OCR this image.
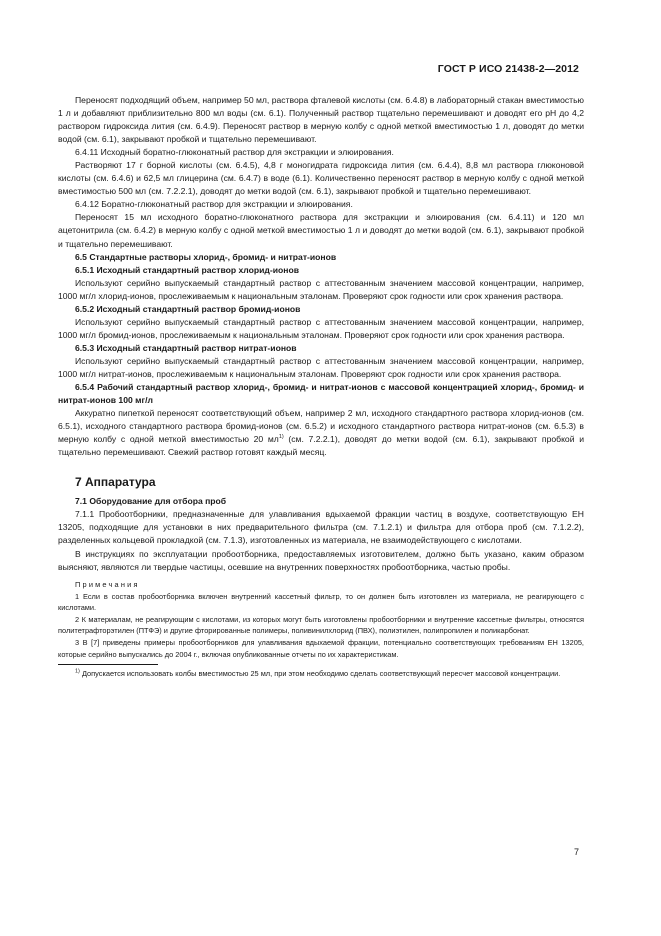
ГОСТ Р ИСО 21438-2—2012

Переносят подходящий объем, например 50 мл, раствора фталевой кислоты (см. 6.4.8) в лабораторный стакан вместимостью 1 л и добавляют приблизительно 800 мл воды (см. 6.1). Полученный раствор тщательно перемешивают и доводят его pH до 4,2 раствором гидроксида лития (см. 6.4.9). Переносят раствор в мерную колбу с одной меткой вместимостью 1 л, доводят до метки водой (см. 6.1), закрывают пробкой и тщательно перемешивают.

6.4.11 Исходный боратно-глюконатный раствор для экстракции и элюирования.

Растворяют 17 г борной кислоты (см. 6.4.5), 4,8 г моногидрата гидроксида лития (см. 6.4.4), 8,8 мл раствора глюконовой кислоты (см. 6.4.6) и 62,5 мл глицерина (см. 6.4.7) в воде (6.1). Количественно переносят раствор в мерную колбу с одной меткой вместимостью 500 мл (см. 7.2.2.1), доводят до метки водой (см. 6.1), закрывают пробкой и тщательно перемешивают.

6.4.12 Боратно-глюконатный раствор для экстракции и элюирования.

Переносят 15 мл исходного боратно-глюконатного раствора для экстракции и элюирования (см. 6.4.11) и 120 мл ацетонитрила (см. 6.4.2) в мерную колбу с одной меткой вместимостью 1 л и доводят до метки водой (см. 6.1), закрывают пробкой и тщательно перемешивают.

6.5 Стандартные растворы хлорид-, бромид- и нитрат-ионов

6.5.1 Исходный стандартный раствор хлорид-ионов

Используют серийно выпускаемый стандартный раствор с аттестованным значением массовой концентрации, например, 1000 мг/л хлорид-ионов, прослеживаемым к национальным эталонам. Проверяют срок годности или срок хранения раствора.

6.5.2 Исходный стандартный раствор бромид-ионов

Используют серийно выпускаемый стандартный раствор с аттестованным значением массовой концентрации, например, 1000 мг/л бромид-ионов, прослеживаемым к национальным эталонам. Проверяют срок годности или срок хранения раствора.

6.5.3 Исходный стандартный раствор нитрат-ионов

Используют серийно выпускаемый стандартный раствор с аттестованным значением массовой концентрации, например, 1000 мг/л нитрат-ионов, прослеживаемым к национальным эталонам. Проверяют срок годности или срок хранения раствора.

6.5.4 Рабочий стандартный раствор хлорид-, бромид- и нитрат-ионов с массовой концентрацией хлорид-, бромид- и нитрат-ионов 100 мг/л

Аккуратно пипеткой переносят соответствующий объем, например 2 мл, исходного стандартного раствора хлорид-ионов (см. 6.5.1), исходного стандартного раствора бромид-ионов (см. 6.5.2) и исходного стандартного раствора нитрат-ионов (см. 6.5.3) в мерную колбу с одной меткой вместимостью 20 $мл^{1)}$ (см. 7.2.2.1), доводят до метки водой (см. 6.1), закрывают пробкой и тщательно перемешивают. Свежий раствор готовят каждый месяц.

7 Аппаратура

7.1 Оборудование для отбора проб

7.1.1 Пробоотборники, предназначенные для улавливания вдыхаемой фракции частиц в воздухе, соответствующую ЕН 13205, подходящие для установки в них предварительного фильтра (см. 7.1.2.1) и фильтра для отбора проб (см. 7.1.2.2), разделенных кольцевой прокладкой (см. 7.1.3), изготовленных из материала, не взаимодействующего с кислотами.

В инструкциях по эксплуатации пробоотборника, предоставляемых изготовителем, должно быть указано, каким образом выясняют, являются ли твердые частицы, осевшие на внутренних поверхностях пробоотборника, частью пробы.

Примечания

1 Если в состав пробоотборника включен внутренний кассетный фильтр, то он должен быть изготовлен из материала, не реагирующего с кислотами.

2 К материалам, не реагирующим с кислотами, из которых могут быть изготовлены пробоотборники и внутренние кассетные фильтры, относятся политетрафторэтилен (ПТФЭ) и другие фторированные полимеры, поливинилхлорид (ПВХ), полиэтилен, полипропилен и поликарбонат.

3 В [7] приведены примеры пробоотборников для улавливания вдыхаемой фракции, потенциально соответствующих требованиям ЕН 13205, которые серийно выпускались до 2004 г., включая опубликованные отчеты по их характеристикам.

$^{1)}$ Допускается использовать колбы вместимостью 25 мл, при этом необходимо сделать соответствующий пересчет массовой концентрации.

7
